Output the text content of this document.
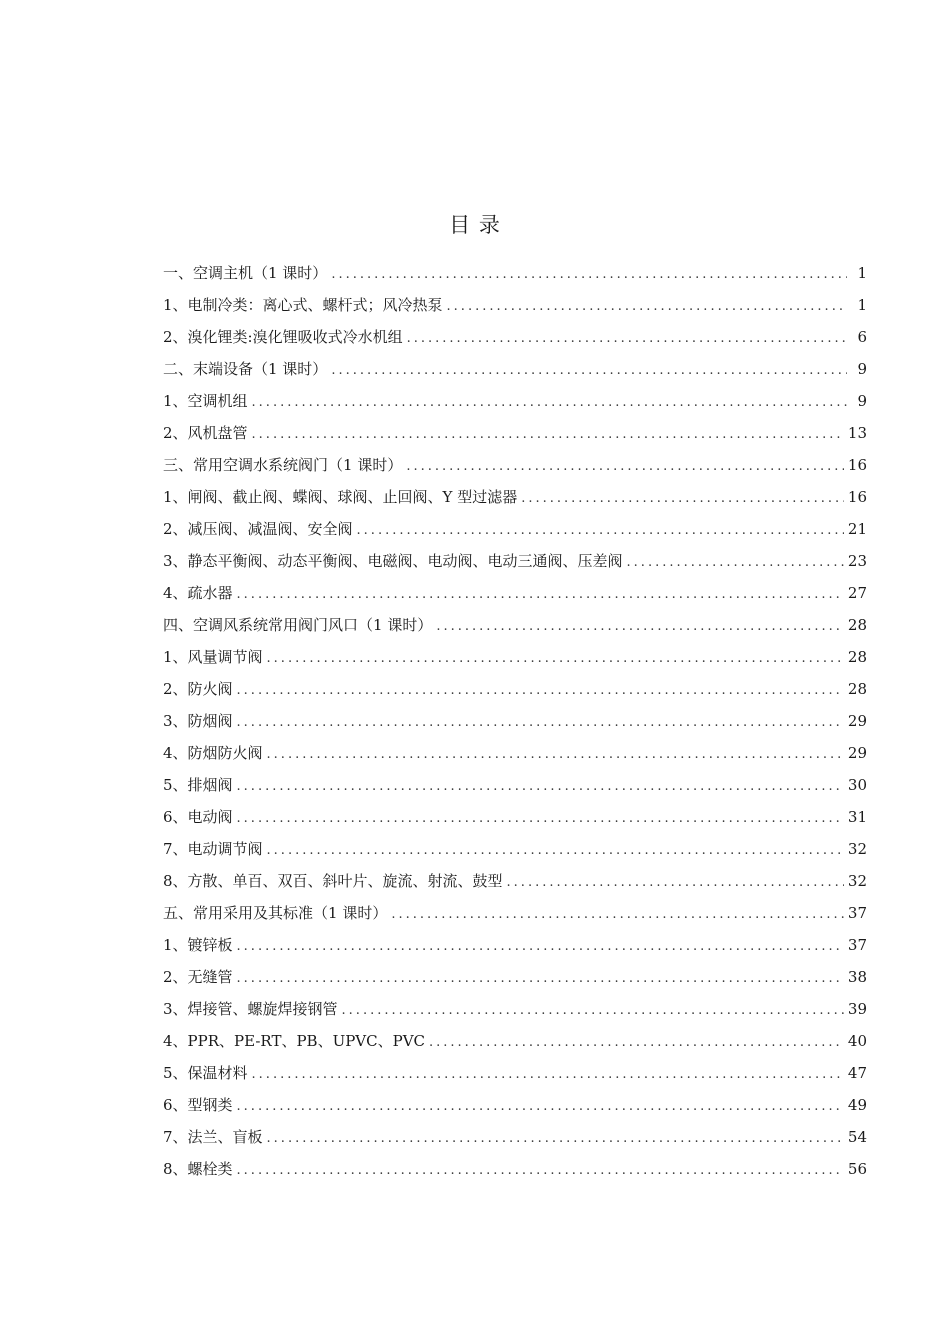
目 录
一、空调主机（1 课时） .....	1
1、电制冷类：离心式、螺杆式；风冷热泵 .....	1
2、溴化锂类:溴化锂吸收式冷水机组 .....	6
二、末端设备（1 课时） .....	9
1、空调机组 .....	9
2、风机盘管 .....	13
三、常用空调水系统阀门（1 课时） .....	16
1、闸阀、截止阀、蝶阀、球阀、止回阀、Y 型过滤器 .....	16
2、减压阀、减温阀、安全阀 .....	21
3、静态平衡阀、动态平衡阀、电磁阀、电动阀、电动三通阀、压差阀 .....	23
4、疏水器 .....	27
四、空调风系统常用阀门风口（1 课时） .....	28
1、风量调节阀 .....	28
2、防火阀 .....	28
3、防烟阀 .....	29
4、防烟防火阀 .....	29
5、排烟阀 .....	30
6、电动阀 .....	31
7、电动调节阀 .....	32
8、方散、单百、双百、斜叶片、旋流、射流、鼓型 .....	32
五、常用采用及其标准（1 课时） .....	37
1、镀锌板 .....	37
2、无缝管 .....	38
3、焊接管、螺旋焊接钢管 .....	39
4、PPR、PE-RT、PB、UPVC、PVC .....	40
5、保温材料 .....	47
6、型钢类 .....	49
7、法兰、盲板 .....	54
8、螺栓类 .....	56
